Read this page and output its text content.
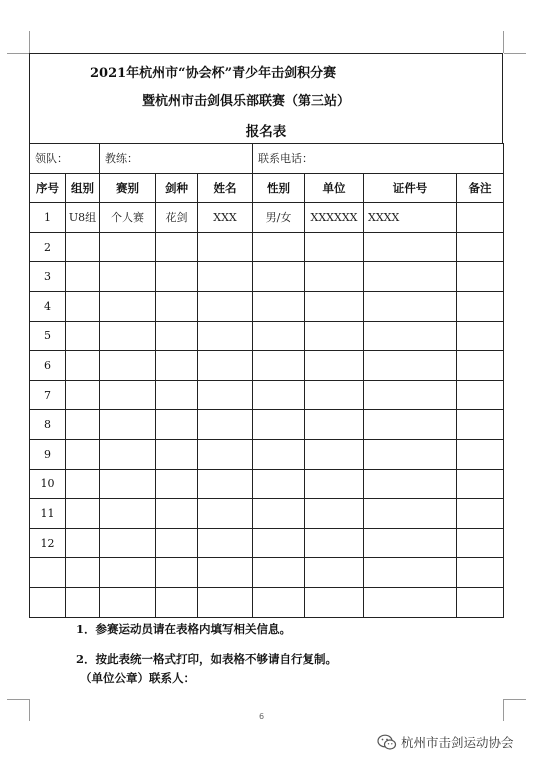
2021年杭州市“协会杯”青少年击剑积分赛
暨杭州市击剑俱乐部联赛（第三站）
报名表
领队：		教练：			联系电话：			
序号	组别	赛别	剑种	姓名	性别	单位	证件号	备注
1	U8组	个人赛	花剑	XXX	男/女	XXXXXX	XXXX	
2								
3								
4								
5								
6								
7								
8								
9								
10								
11								
12								

1．参赛运动员请在表格内填写相关信息。
2．按此表统一格式打印，如表格不够请自行复制。
（单位公章）联系人：
6
杭州市击剑运动协会
